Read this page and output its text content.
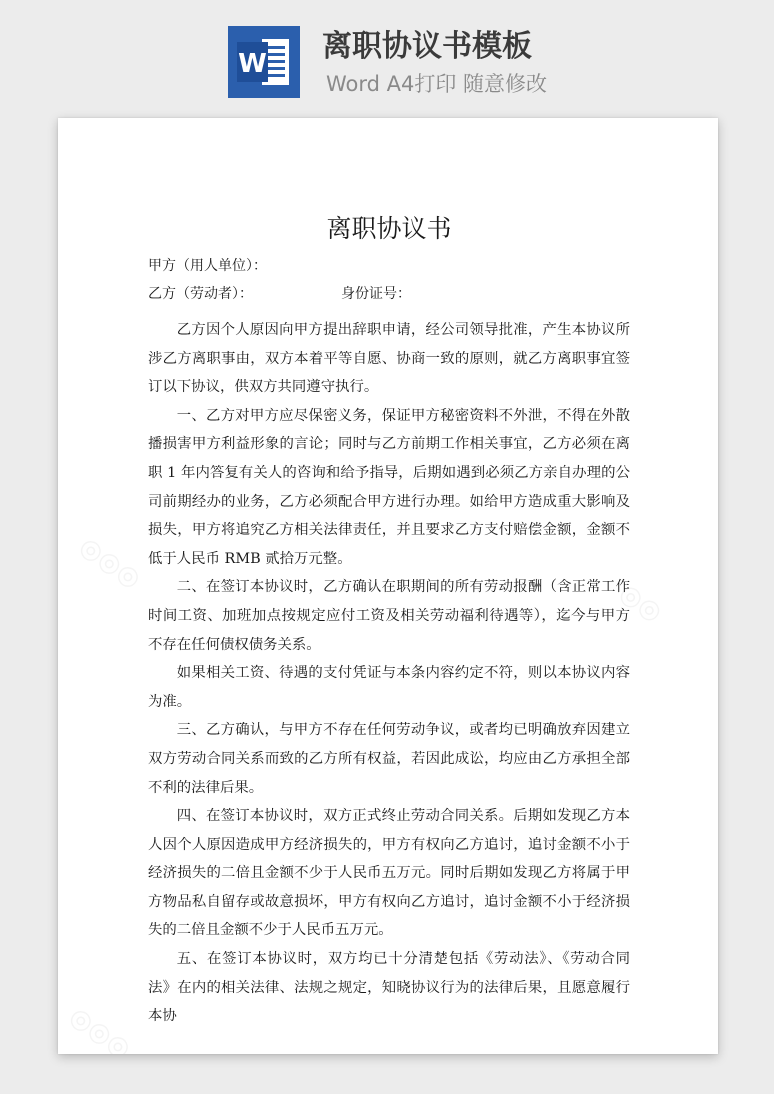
W 离职协议书模板
Word A4打印 随意修改
离职协议书

甲方（用人单位）：

乙方（劳动者）：	身份证号：

乙方因个人原因向甲方提出辞职申请，经公司领导批准，产生本协议所涉乙方离职事由，双方本着平等自愿、协商一致的原则，就乙方离职事宜签订以下协议，供双方共同遵守执行。

一、乙方对甲方应尽保密义务，保证甲方秘密资料不外泄，不得在外散播损害甲方利益形象的言论；同时与乙方前期工作相关事宜，乙方必须在离职 1 年内答复有关人的咨询和给予指导，后期如遇到必须乙方亲自办理的公司前期经办的业务，乙方必须配合甲方进行办理。如给甲方造成重大影响及损失，甲方将追究乙方相关法律责任，并且要求乙方支付赔偿金额，金额不低于人民币 RMB 贰拾万元整。

二、在签订本协议时，乙方确认在职期间的所有劳动报酬（含正常工作时间工资、加班加点按规定应付工资及相关劳动福利待遇等），迄今与甲方不存在任何债权债务关系。

如果相关工资、待遇的支付凭证与本条内容约定不符，则以本协议内容为准。

三、乙方确认，与甲方不存在任何劳动争议，或者均已明确放弃因建立双方劳动合同关系而致的乙方所有权益，若因此成讼，均应由乙方承担全部不利的法律后果。

四、在签订本协议时，双方正式终止劳动合同关系。后期如发现乙方本人因个人原因造成甲方经济损失的，甲方有权向乙方追讨，追讨金额不小于经济损失的二倍且金额不少于人民币五万元。同时后期如发现乙方将属于甲方物品私自留存或故意损坏，甲方有权向乙方追讨，追讨金额不小于经济损失的二倍且金额不少于人民币五万元。

五、在签订本协议时，双方均已十分清楚包括《劳动法》、《劳动合同法》在内的相关法律、法规之规定，知晓协议行为的法律后果，且愿意履行本协
